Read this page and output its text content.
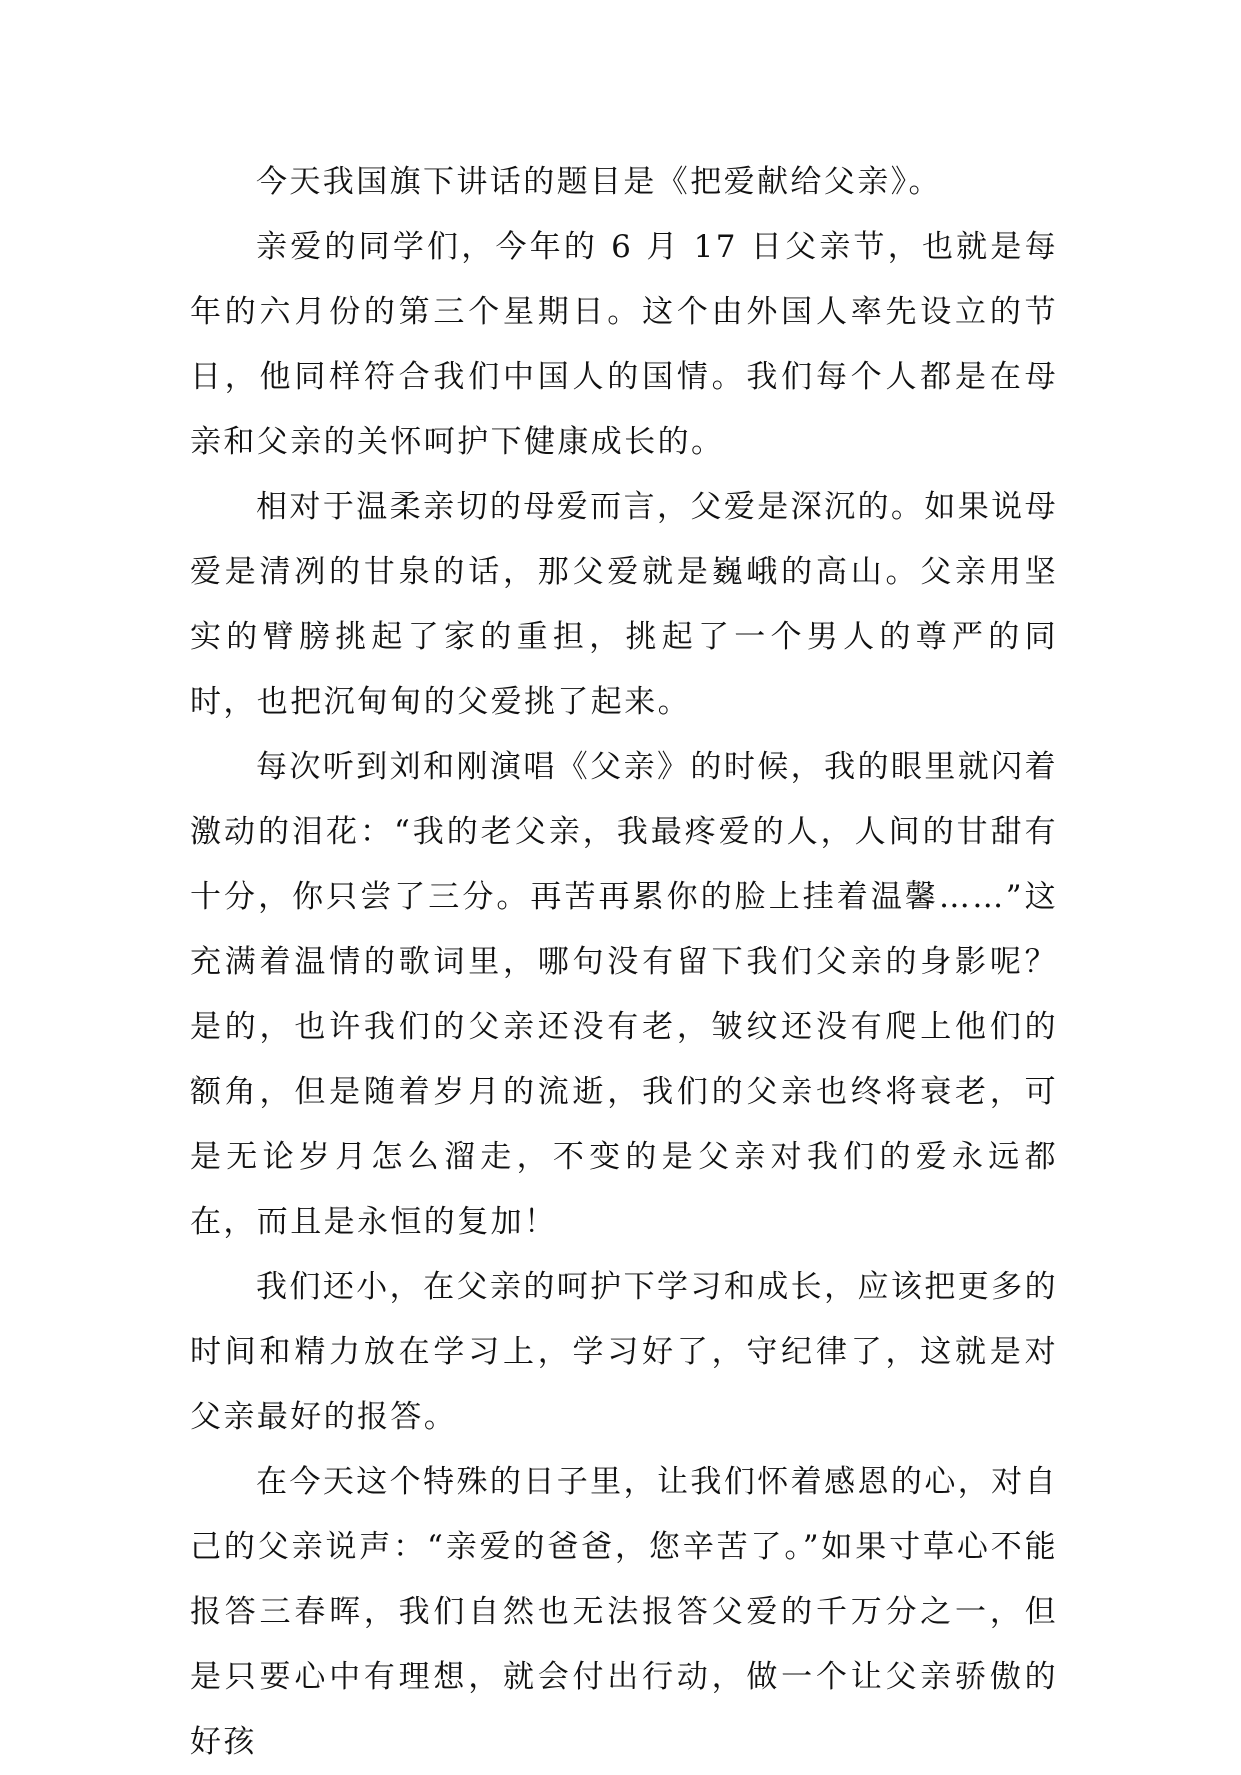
今天我国旗下讲话的题目是《把爱献给父亲》。

亲爱的同学们，今年的 6 月 17 日父亲节，也就是每年的六月份的第三个星期日。这个由外国人率先设立的节日，他同样符合我们中国人的国情。我们每个人都是在母亲和父亲的关怀呵护下健康成长的。

相对于温柔亲切的母爱而言，父爱是深沉的。如果说母爱是清冽的甘泉的话，那父爱就是巍峨的高山。父亲用坚实的臂膀挑起了家的重担，挑起了一个男人的尊严的同时，也把沉甸甸的父爱挑了起来。

每次听到刘和刚演唱《父亲》的时候，我的眼里就闪着激动的泪花：“我的老父亲，我最疼爱的人，人间的甘甜有十分，你只尝了三分。再苦再累你的脸上挂着温馨……”这充满着温情的歌词里，哪句没有留下我们父亲的身影呢？是的，也许我们的父亲还没有老，皱纹还没有爬上他们的额角，但是随着岁月的流逝，我们的父亲也终将衰老，可是无论岁月怎么溜走，不变的是父亲对我们的爱永远都在，而且是永恒的复加！

我们还小，在父亲的呵护下学习和成长，应该把更多的时间和精力放在学习上，学习好了，守纪律了，这就是对父亲最好的报答。

在今天这个特殊的日子里，让我们怀着感恩的心，对自己的父亲说声：“亲爱的爸爸，您辛苦了。”如果寸草心不能报答三春晖，我们自然也无法报答父爱的千万分之一，但是只要心中有理想，就会付出行动，做一个让父亲骄傲的好孩
